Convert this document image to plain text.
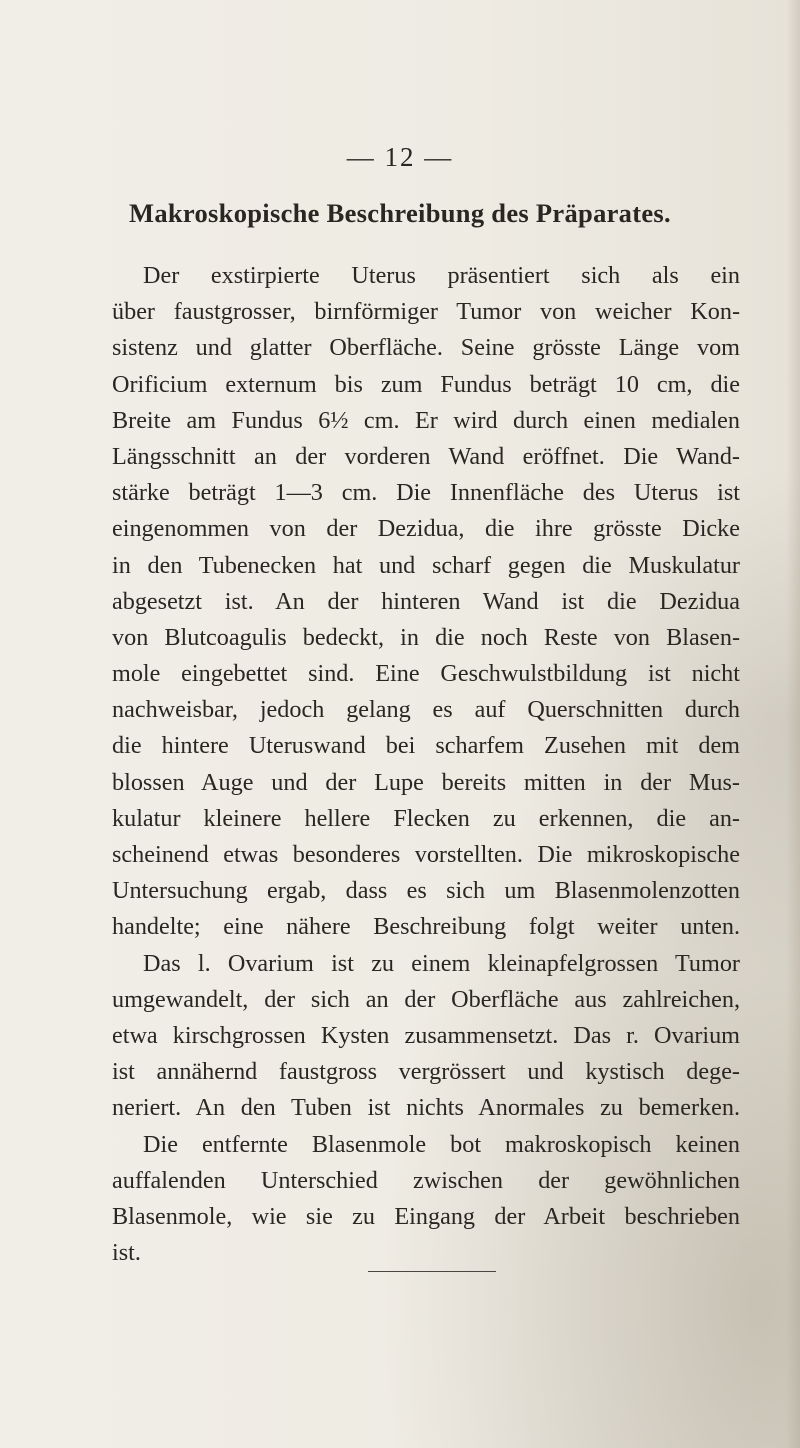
— 12 —
Makroskopische Beschreibung des Präparates.
Der exstirpierte Uterus präsentiert sich als ein
über faustgrosser, birnförmiger Tumor von weicher Kon-
sistenz und glatter Oberfläche. Seine grösste Länge vom
Orificium externum bis zum Fundus beträgt 10 cm, die
Breite am Fundus 6½ cm. Er wird durch einen medialen
Längsschnitt an der vorderen Wand eröffnet. Die Wand-
stärke beträgt 1—3 cm. Die Innenfläche des Uterus ist
eingenommen von der Dezidua, die ihre grösste Dicke
in den Tubenecken hat und scharf gegen die Muskulatur
abgesetzt ist. An der hinteren Wand ist die Dezidua
von Blutcoagulis bedeckt, in die noch Reste von Blasen-
mole eingebettet sind. Eine Geschwulstbildung ist nicht
nachweisbar, jedoch gelang es auf Querschnitten durch
die hintere Uteruswand bei scharfem Zusehen mit dem
blossen Auge und der Lupe bereits mitten in der Mus-
kulatur kleinere hellere Flecken zu erkennen, die an-
scheinend etwas besonderes vorstellten. Die mikroskopische
Untersuchung ergab, dass es sich um Blasenmolenzotten
handelte; eine nähere Beschreibung folgt weiter unten.
Das l. Ovarium ist zu einem kleinapfelgrossen Tumor
umgewandelt, der sich an der Oberfläche aus zahlreichen,
etwa kirschgrossen Kysten zusammensetzt. Das r. Ovarium
ist annähernd faustgross vergrössert und kystisch dege-
neriert. An den Tuben ist nichts Anormales zu bemerken.
Die entfernte Blasenmole bot makroskopisch keinen
auffalenden Unterschied zwischen der gewöhnlichen
Blasenmole, wie sie zu Eingang der Arbeit beschrieben
ist.
